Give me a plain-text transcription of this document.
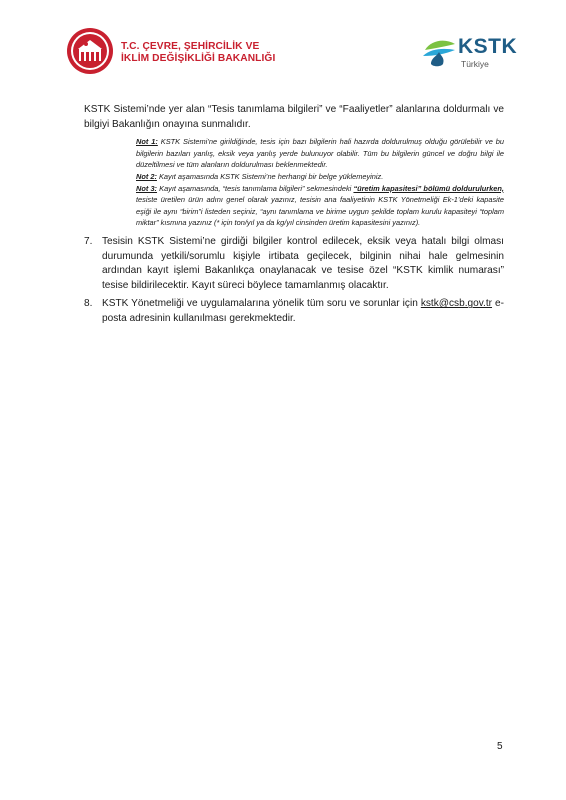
T.C. ÇEVRE, ŞEHİRCİLİK VE
İKLİM DEĞİŞİKLİĞİ BAKANLIĞI
KSTK
Türkiye

KSTK Sistemi’nde yer alan “Tesis tanımlama bilgileri” ve “Faaliyetler” alanlarına doldurmalı ve bilgiyi Bakanlığın onayına sunmalıdır.

Not 1: KSTK Sistemi’ne girildiğinde, tesis için bazı bilgilerin hali hazırda doldurulmuş olduğu görülebilir ve bu bilgilerin bazıları yanlış, eksik veya yanlış yerde bulunuyor olabilir. Tüm bu bilgilerin güncel ve doğru bilgi ile düzeltilmesi ve tüm alanların doldurulması beklenmektedir.

Not 2: Kayıt aşamasında KSTK Sistemi’ne herhangi bir belge yüklemeyiniz.

Not 3: Kayıt aşamasında, “tesis tanımlama bilgileri” sekmesindeki “üretim kapasitesi” bölümü doldurulurken, tesiste üretilen ürün adını genel olarak yazınız, tesisin ana faaliyetinin KSTK Yönetmeliği Ek-1’deki kapasite eşiği ile aynı “birim”i listeden seçiniz, “aynı tanımlama ve birime uygun şekilde toplam kurulu kapasiteyi “toplam miktar” kısmına yazınız (* için ton/yıl ya da kg/yıl cinsinden üretim kapasitesini yazınız).

7. Tesisin KSTK Sistemi’ne girdiği bilgiler kontrol edilecek, eksik veya hatalı bilgi olması durumunda yetkili/sorumlu kişiyle irtibata geçilecek, bilginin nihai hale gelmesinin ardından kayıt işlemi Bakanlıkça onaylanacak ve tesise özel “KSTK kimlik numarası” tesise bildirilecektir. Kayıt süreci böylece tamamlanmış olacaktır.

8. KSTK Yönetmeliği ve uygulamalarına yönelik tüm soru ve sorunlar için kstk@csb.gov.tr e-posta adresinin kullanılması gerekmektedir.

5
